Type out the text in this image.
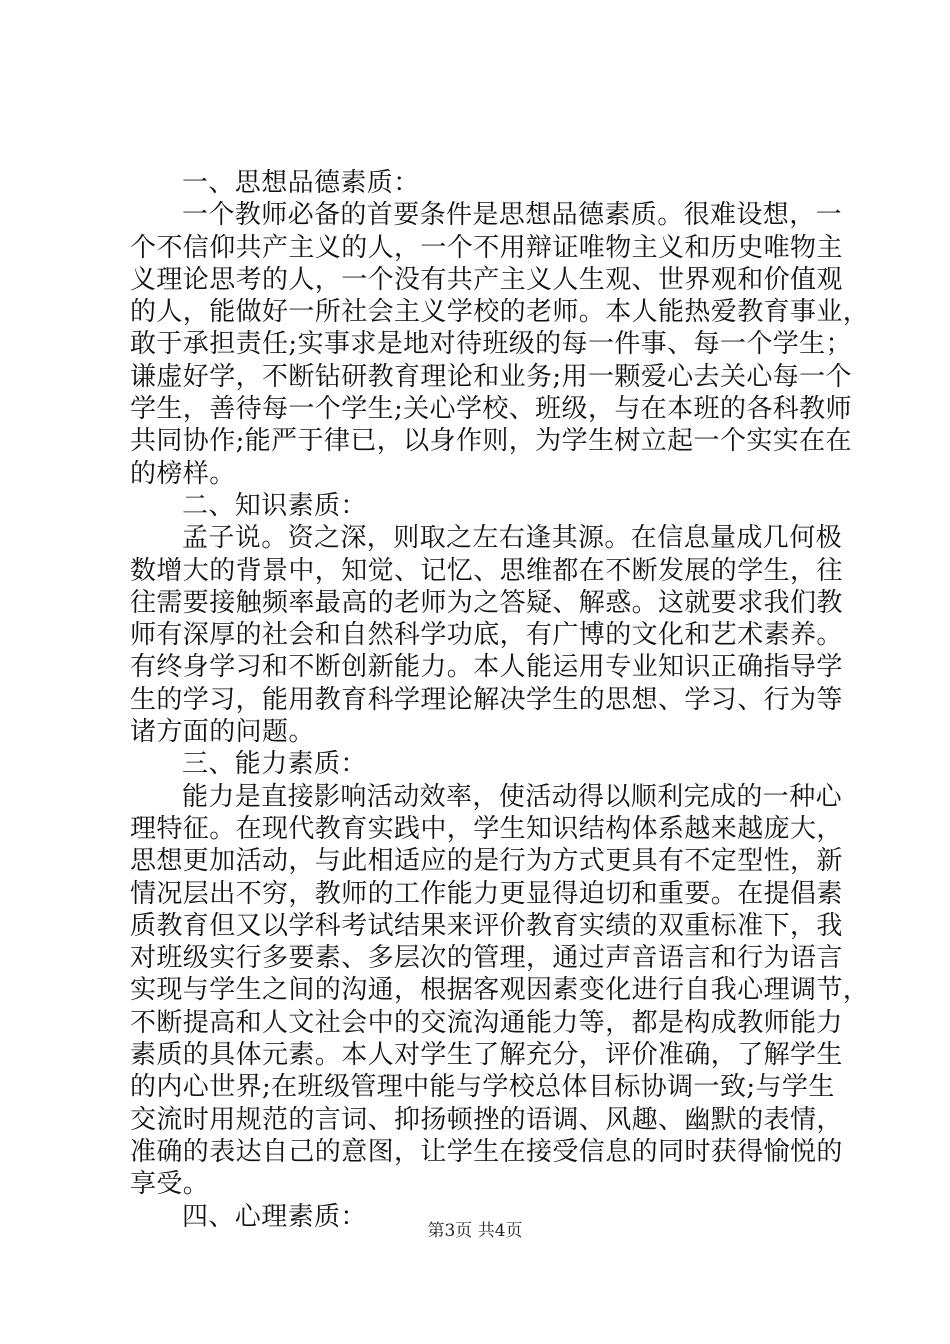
一、思想品德素质：
一个教师必备的首要条件是思想品德素质。很难设想，一
个不信仰共产主义的人，一个不用辩证唯物主义和历史唯物主
义理论思考的人，一个没有共产主义人生观、世界观和价值观
的人，能做好一所社会主义学校的老师。本人能热爱教育事业，
敢于承担责任;实事求是地对待班级的每一件事、每一个学生；
谦虚好学，不断钻研教育理论和业务;用一颗爱心去关心每一个
学生，善待每一个学生;关心学校、班级，与在本班的各科教师
共同协作;能严于律已，以身作则，为学生树立起一个实实在在
的榜样。
二、知识素质：
孟子说。资之深，则取之左右逢其源。在信息量成几何极
数增大的背景中，知觉、记忆、思维都在不断发展的学生，往
往需要接触频率最高的老师为之答疑、解惑。这就要求我们教
师有深厚的社会和自然科学功底，有广博的文化和艺术素养。
有终身学习和不断创新能力。本人能运用专业知识正确指导学
生的学习，能用教育科学理论解决学生的思想、学习、行为等
诸方面的问题。
三、能力素质：
能力是直接影响活动效率，使活动得以顺利完成的一种心
理特征。在现代教育实践中，学生知识结构体系越来越庞大，
思想更加活动，与此相适应的是行为方式更具有不定型性，新
情况层出不穷，教师的工作能力更显得迫切和重要。在提倡素
质教育但又以学科考试结果来评价教育实绩的双重标准下，我
对班级实行多要素、多层次的管理，通过声音语言和行为语言
实现与学生之间的沟通，根据客观因素变化进行自我心理调节，
不断提高和人文社会中的交流沟通能力等，都是构成教师能力
素质的具体元素。本人对学生了解充分，评价准确，了解学生
的内心世界;在班级管理中能与学校总体目标协调一致;与学生
交流时用规范的言词、抑扬顿挫的语调、风趣、幽默的表情，
准确的表达自己的意图，让学生在接受信息的同时获得愉悦的
享受。
四、心理素质：	第3页 共4页
